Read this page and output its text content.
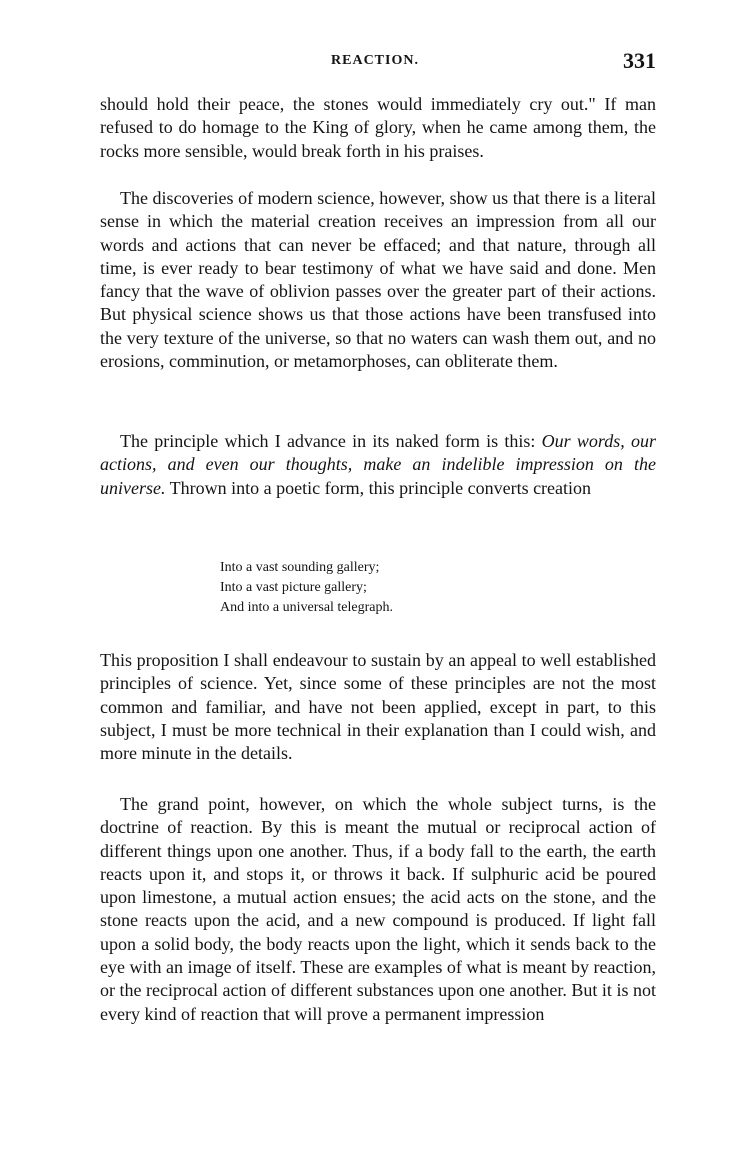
REACTION.	331

should hold their peace, the stones would immediately cry out." If man refused to do homage to the King of glory, when he came among them, the rocks more sensible, would break forth in his praises.

The discoveries of modern science, however, show us that there is a literal sense in which the material creation receives an impression from all our words and actions that can never be effaced; and that nature, through all time, is ever ready to bear testimony of what we have said and done. Men fancy that the wave of oblivion passes over the greater part of their actions. But physical science shows us that those actions have been transfused into the very texture of the universe, so that no waters can wash them out, and no erosions, comminution, or metamorphoses, can obliterate them.

The principle which I advance in its naked form is this: Our words, our actions, and even our thoughts, make an indelible impression on the universe. Thrown into a poetic form, this principle converts creation

Into a vast sounding gallery;
Into a vast picture gallery;
And into a universal telegraph.

This proposition I shall endeavour to sustain by an appeal to well established principles of science. Yet, since some of these principles are not the most common and familiar, and have not been applied, except in part, to this subject, I must be more technical in their explanation than I could wish, and more minute in the details.

The grand point, however, on which the whole subject turns, is the doctrine of reaction. By this is meant the mutual or reciprocal action of different things upon one another. Thus, if a body fall to the earth, the earth reacts upon it, and stops it, or throws it back. If sulphuric acid be poured upon limestone, a mutual action ensues; the acid acts on the stone, and the stone reacts upon the acid, and a new compound is produced. If light fall upon a solid body, the body reacts upon the light, which it sends back to the eye with an image of itself. These are examples of what is meant by reaction, or the reciprocal action of different substances upon one another. But it is not every kind of reaction that will prove a permanent impression
